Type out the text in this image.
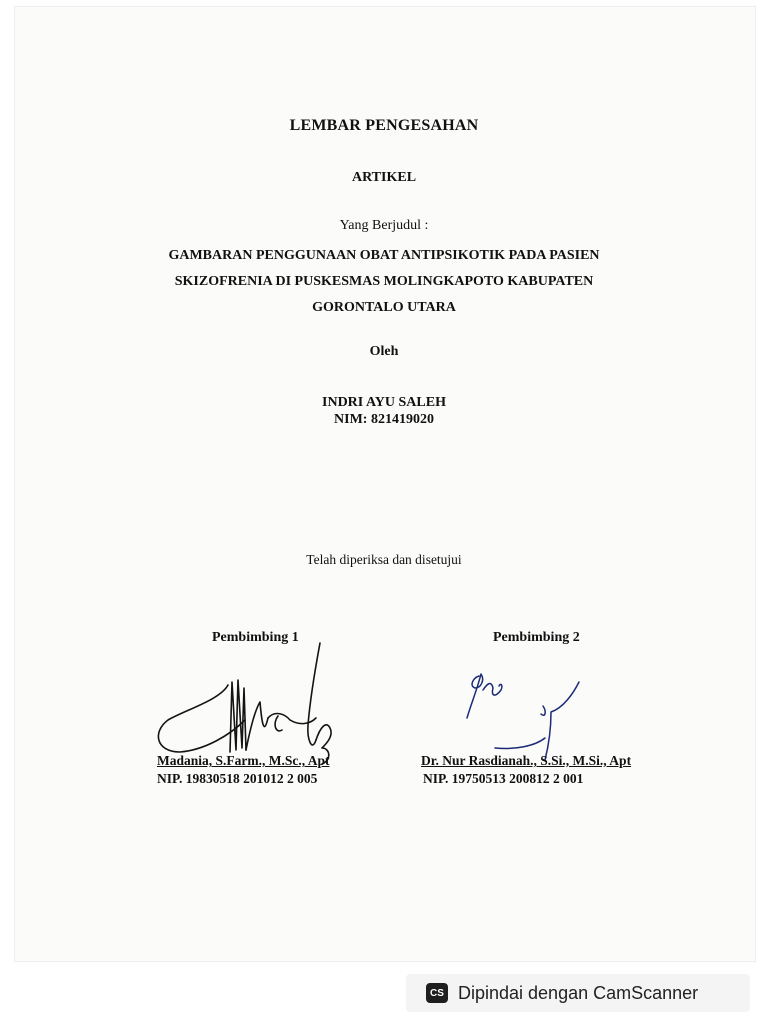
LEMBAR PENGESAHAN
ARTIKEL
Yang Berjudul :
GAMBARAN PENGGUNAAN OBAT ANTIPSIKOTIK PADA PASIEN
SKIZOFRENIA DI PUSKESMAS MOLINGKAPOTO KABUPATEN
GORONTALO UTARA
Oleh
INDRI AYU SALEH
NIM: 821419020
Telah diperiksa dan disetujui
Pembimbing 1
Madania, S.Farm., M.Sc., Apt
NIP. 19830518 201012 2 005
Pembimbing 2
Dr. Nur Rasdianah., S.Si., M.Si., Apt
NIP. 19750513 200812 2 001
CS Dipindai dengan CamScanner
